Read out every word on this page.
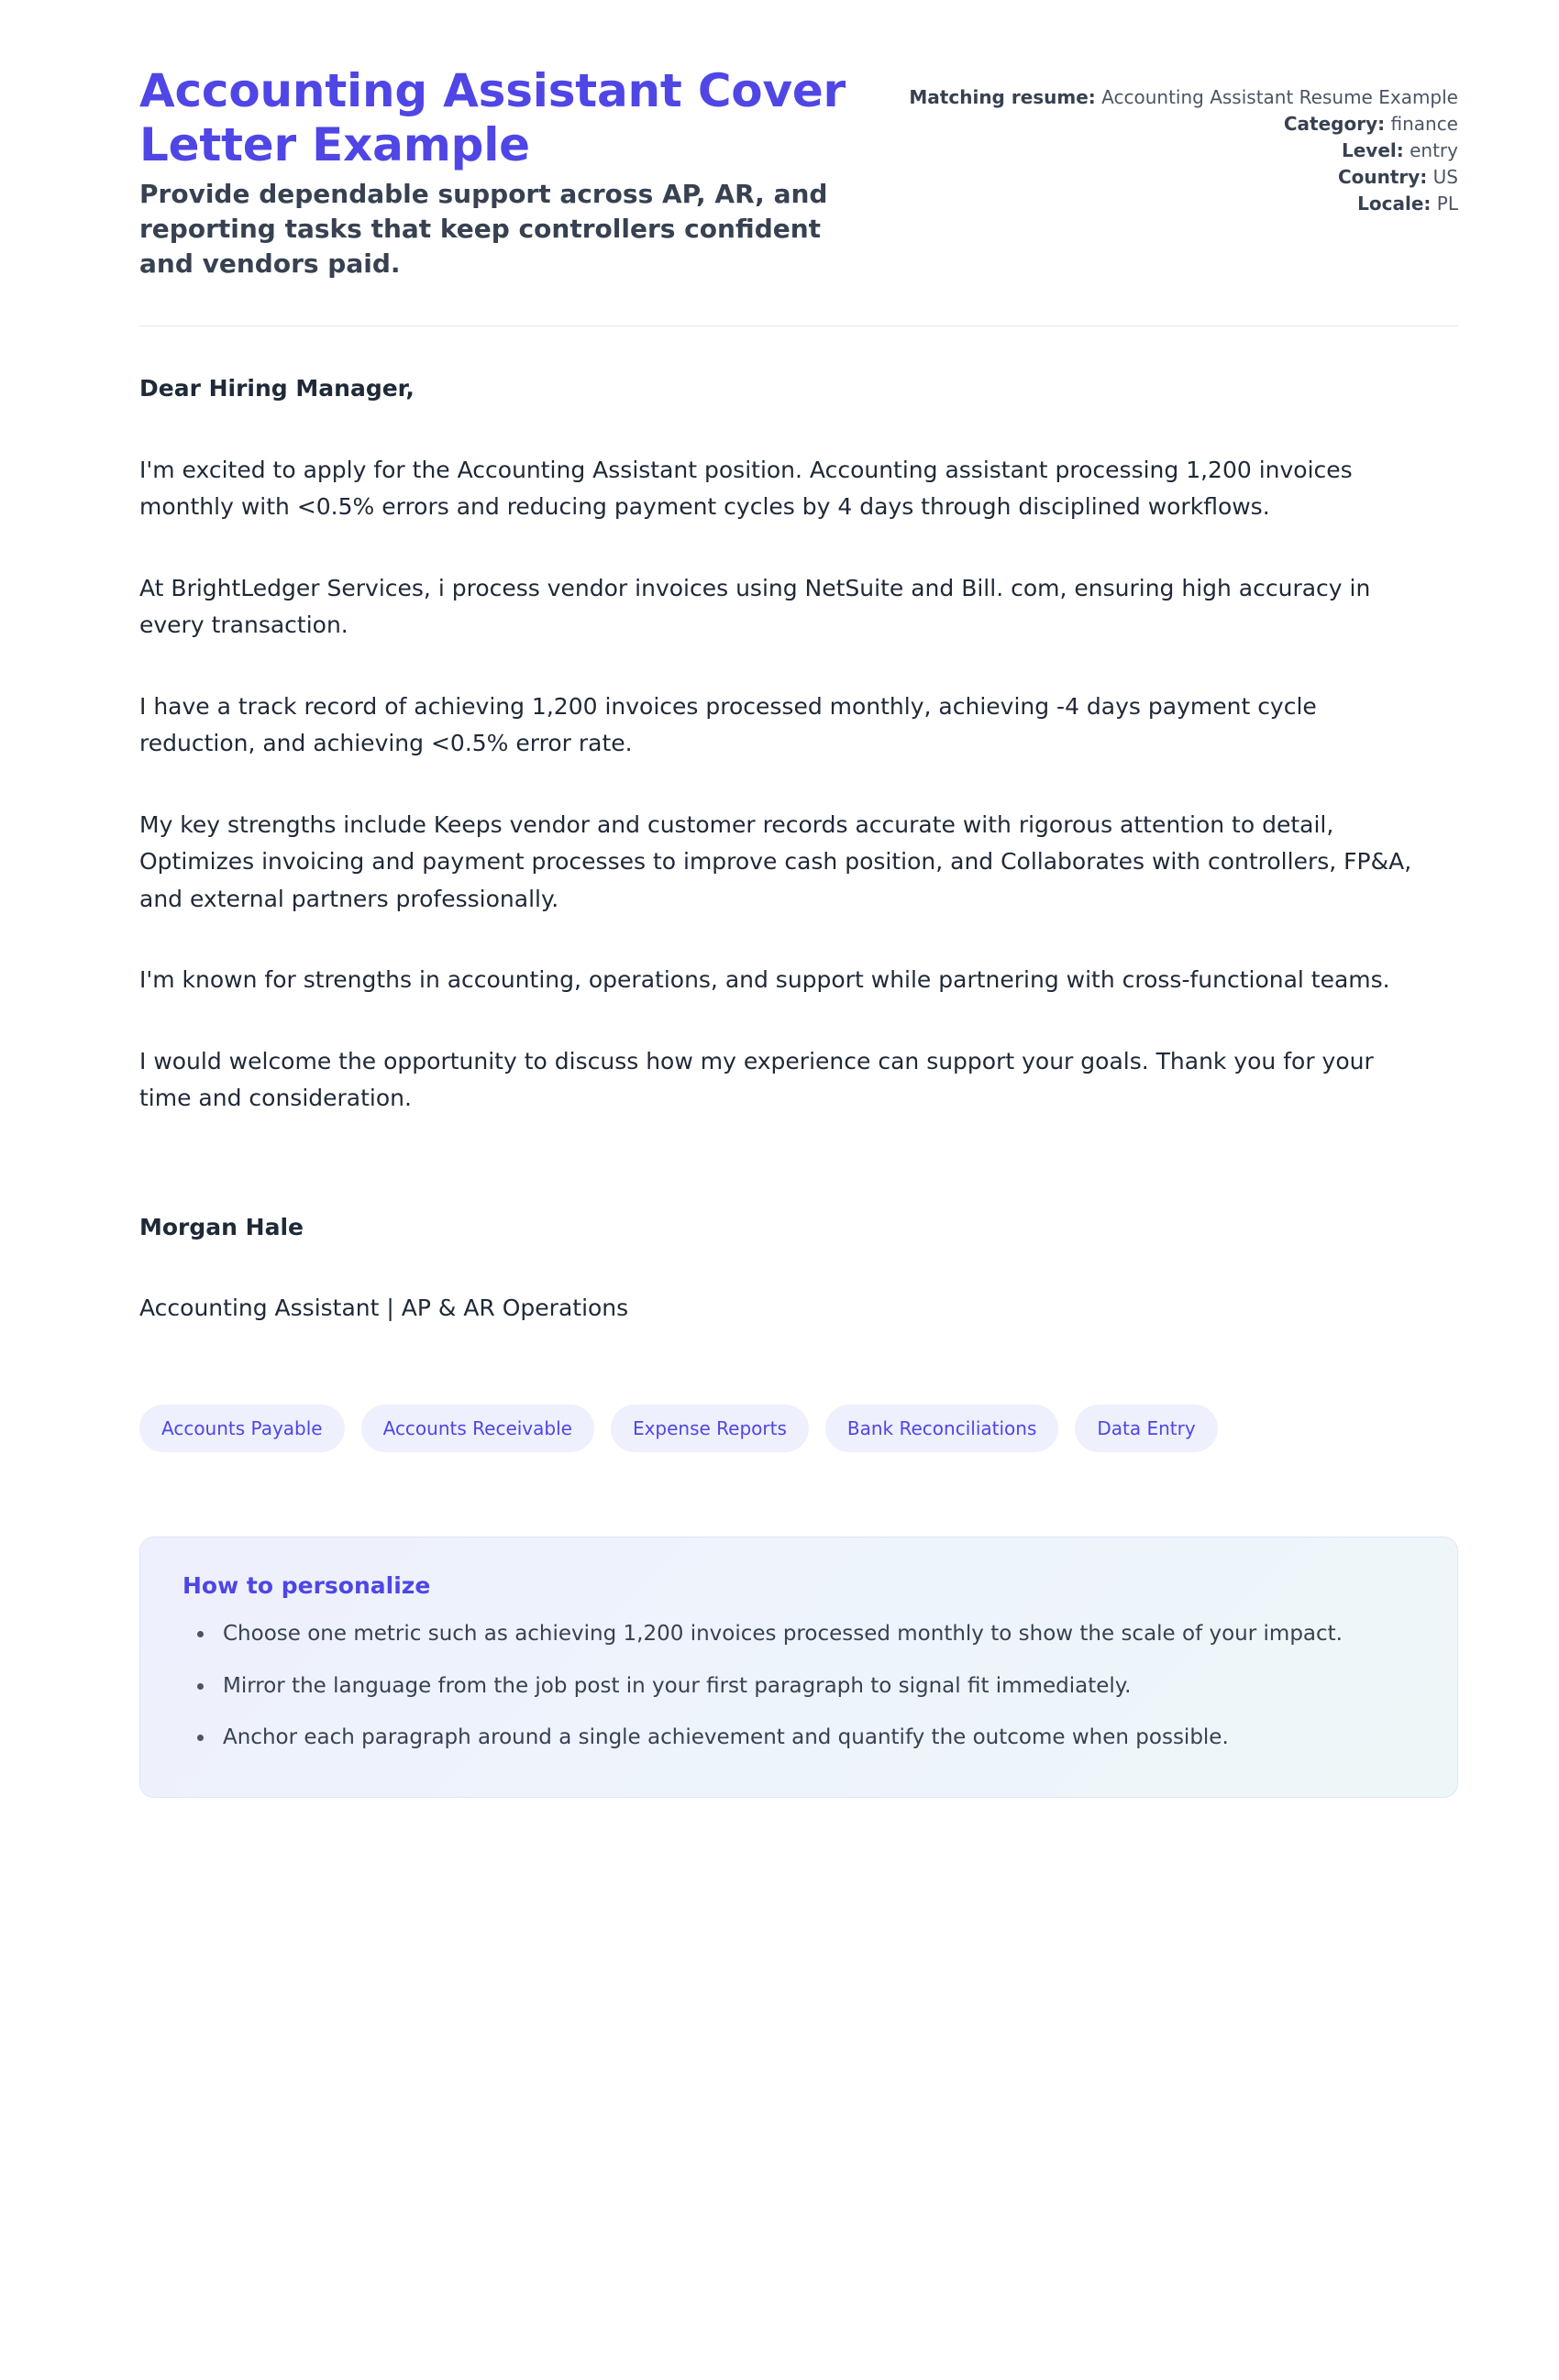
Accounting Assistant Cover Letter Example

Provide dependable support across AP, AR, and reporting tasks that keep controllers confident and vendors paid.

Matching resume: Accounting Assistant Resume Example
Category: finance
Level: entry
Country: US
Locale: PL

Dear Hiring Manager,

I'm excited to apply for the Accounting Assistant position. Accounting assistant processing 1,200 invoices monthly with <0.5% errors and reducing payment cycles by 4 days through disciplined workflows.

At BrightLedger Services, i process vendor invoices using NetSuite and Bill. com, ensuring high accuracy in every transaction.

I have a track record of achieving 1,200 invoices processed monthly, achieving -4 days payment cycle reduction, and achieving <0.5% error rate.

My key strengths include Keeps vendor and customer records accurate with rigorous attention to detail, Optimizes invoicing and payment processes to improve cash position, and Collaborates with controllers, FP&A, and external partners professionally.

I'm known for strengths in accounting, operations, and support while partnering with cross-functional teams.

I would welcome the opportunity to discuss how my experience can support your goals. Thank you for your time and consideration.

Morgan Hale

Accounting Assistant | AP & AR Operations

Accounts Payable	Accounts Receivable	Expense Reports	Bank Reconciliations	Data Entry

How to personalize

• Choose one metric such as achieving 1,200 invoices processed monthly to show the scale of your impact.
• Mirror the language from the job post in your first paragraph to signal fit immediately.
• Anchor each paragraph around a single achievement and quantify the outcome when possible.
